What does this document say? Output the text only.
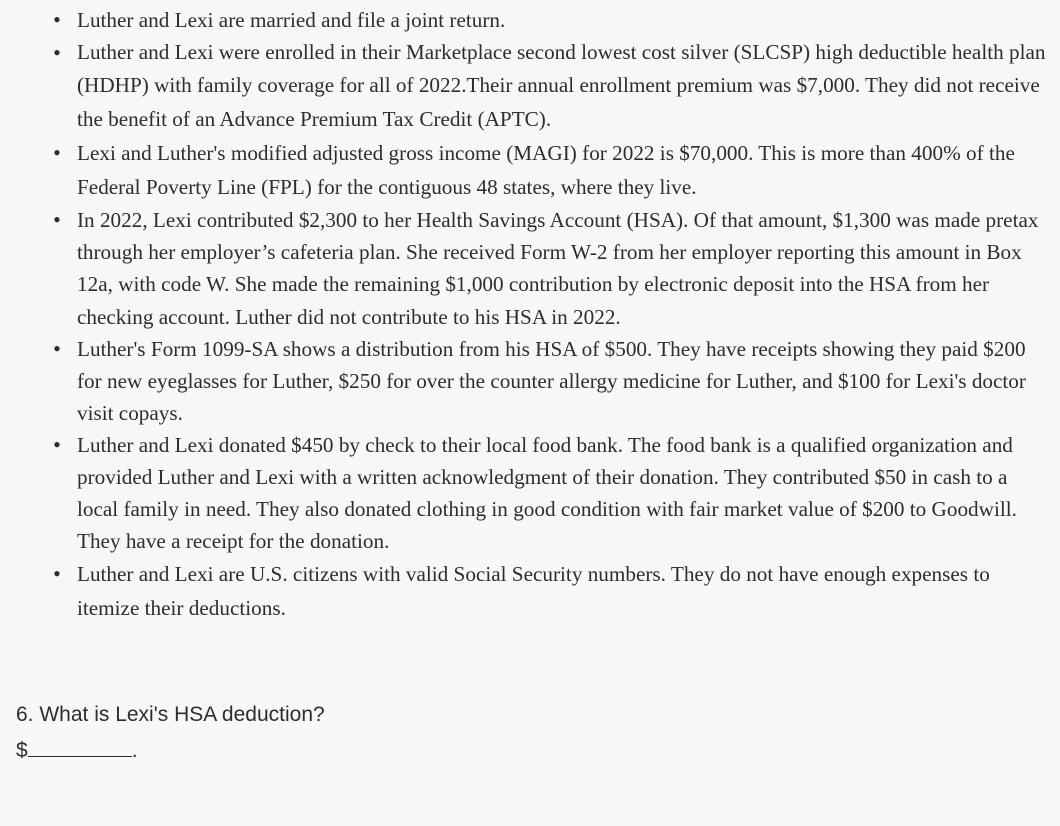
• Luther and Lexi are married and file a joint return.
• Luther and Lexi were enrolled in their Marketplace second lowest cost silver (SLCSP) high deductible health plan (HDHP) with family coverage for all of 2022.Their annual enrollment premium was $7,000. They did not receive the benefit of an Advance Premium Tax Credit (APTC).
• Lexi and Luther's modified adjusted gross income (MAGI) for 2022 is $70,000. This is more than 400% of the Federal Poverty Line (FPL) for the contiguous 48 states, where they live.
• In 2022, Lexi contributed $2,300 to her Health Savings Account (HSA). Of that amount, $1,300 was made pretax through her employer’s cafeteria plan. She received Form W-2 from her employer reporting this amount in Box 12a, with code W. She made the remaining $1,000 contribution by electronic deposit into the HSA from her checking account. Luther did not contribute to his HSA in 2022.
• Luther's Form 1099-SA shows a distribution from his HSA of $500. They have receipts showing they paid $200 for new eyeglasses for Luther, $250 for over the counter allergy medicine for Luther, and $100 for Lexi's doctor visit copays.
• Luther and Lexi donated $450 by check to their local food bank. The food bank is a qualified organization and provided Luther and Lexi with a written acknowledgment of their donation. They contributed $50 in cash to a local family in need. They also donated clothing in good condition with fair market value of $200 to Goodwill. They have a receipt for the donation.
• Luther and Lexi are U.S. citizens with valid Social Security numbers. They do not have enough expenses to itemize their deductions.

6. What is Lexi's HSA deduction?

$	.
